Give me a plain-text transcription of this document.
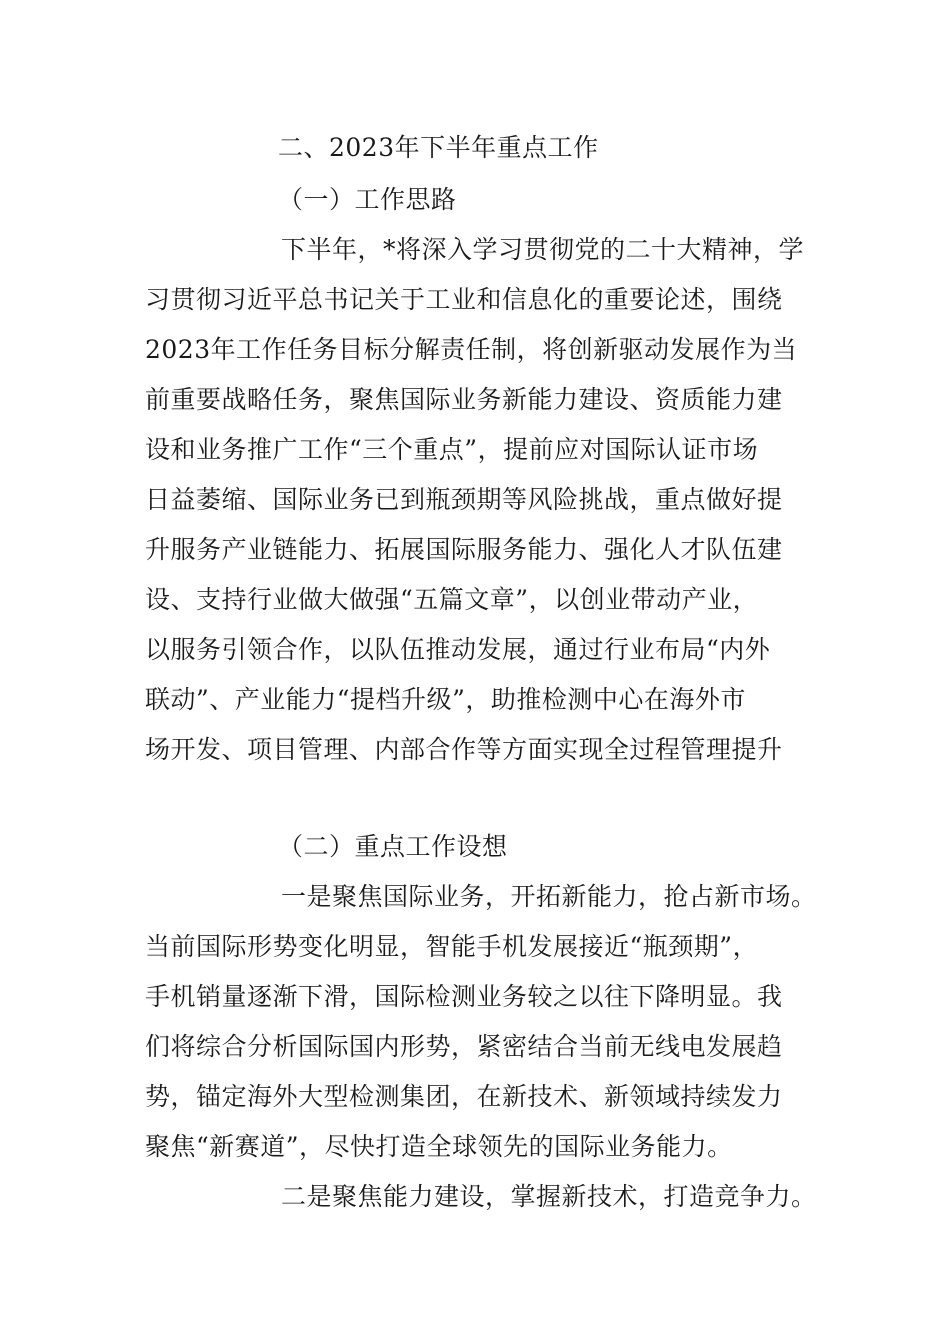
二、2023年下半年重点工作
（一）工作思路
下半年，*将深入学习贯彻党的二十大精神，学
习贯彻习近平总书记关于工业和信息化的重要论述，围绕
2023年工作任务目标分解责任制，将创新驱动发展作为当
前重要战略任务，聚焦国际业务新能力建设、资质能力建
设和业务推广工作“三个重点”，提前应对国际认证市场
日益萎缩、国际业务已到瓶颈期等风险挑战，重点做好提
升服务产业链能力、拓展国际服务能力、强化人才队伍建
设、支持行业做大做强“五篇文章”，以创业带动产业，
以服务引领合作，以队伍推动发展，通过行业布局“内外
联动”、产业能力“提档升级”，助推检测中心在海外市
场开发、项目管理、内部合作等方面实现全过程管理提升
（二）重点工作设想
一是聚焦国际业务，开拓新能力，抢占新市场。
当前国际形势变化明显，智能手机发展接近“瓶颈期”，
手机销量逐渐下滑，国际检测业务较之以往下降明显。我
们将综合分析国际国内形势，紧密结合当前无线电发展趋
势，锚定海外大型检测集团，在新技术、新领域持续发力
聚焦“新赛道”，尽快打造全球领先的国际业务能力。
二是聚焦能力建设，掌握新技术，打造竞争力。
